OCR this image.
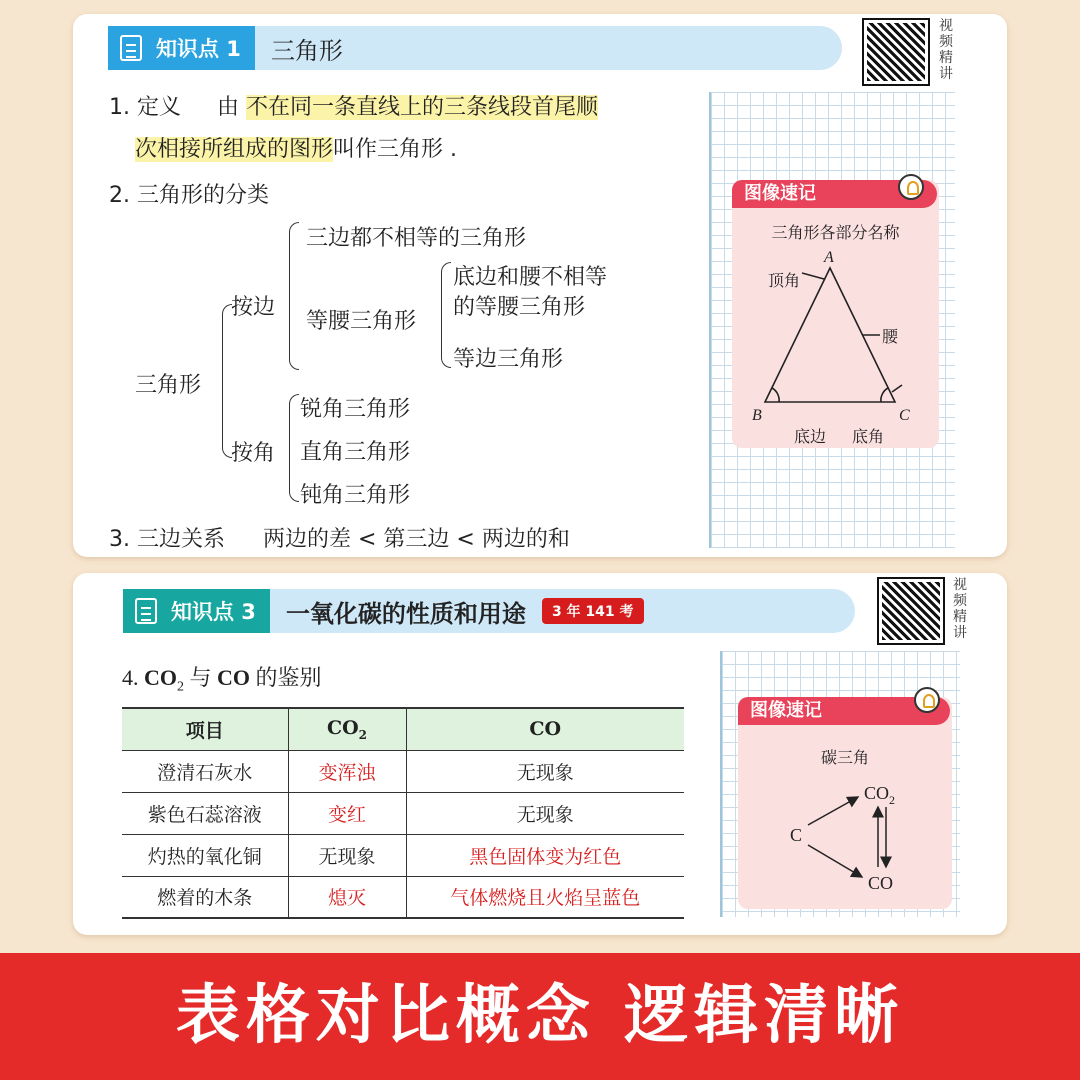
知识点 1 三角形
视频精讲
图像速记
三角形各部分名称
顶角
A
腰
B	C
底边 底角
1. 定义 由 不在同一条直线上的三条线段首尾顺
次相接所组成的图形叫作三角形 .
2. 三角形的分类
三角形
按边
三边都不相等的三角形
等腰三角形
底边和腰不相等
的等腰三角形
等边三角形
按角
锐角三角形
直角三角形
钝角三角形
3. 三边关系 两边的差 < 第三边 < 两边的和
知识点 3 一氧化碳的性质和用途	3 年 141 考
视频精讲
图像速记
碳三角
C
$CO_2$
CO
4. $CO_2$ 与 CO 的鉴别
项目	$CO_2$	CO
澄清石灰水	变浑浊	无现象
紫色石蕊溶液	变红	无现象
灼热的氧化铜	无现象	黑色固体变为红色
燃着的木条	熄灭	气体燃烧且火焰呈蓝色
表格对比概念 逻辑清晰
